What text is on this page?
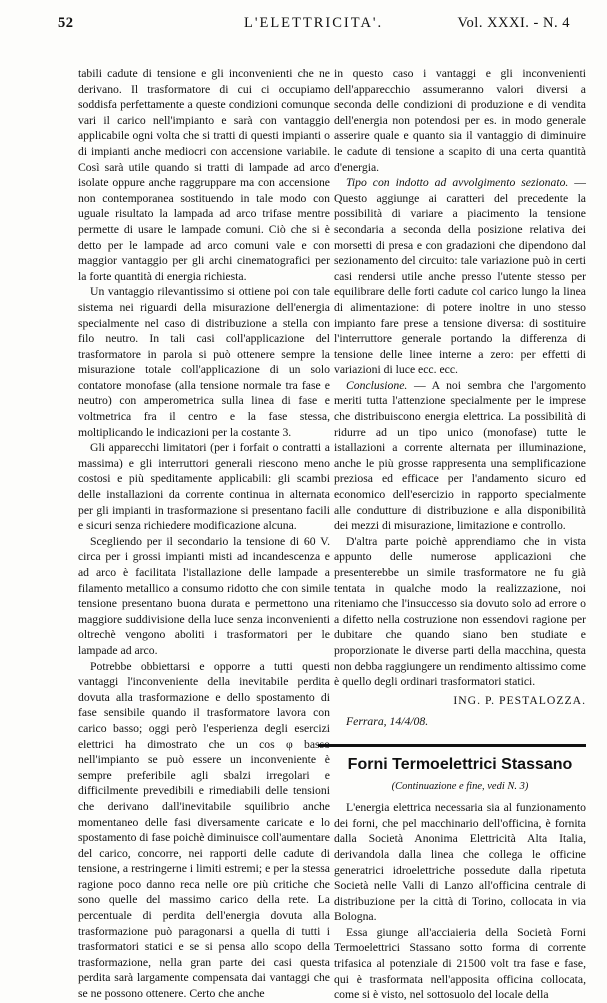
52	L'ELETTRICITA'.	Vol. XXXI. - N. 4

tabili cadute di tensione e gli inconvenienti che ne derivano. Il trasformatore di cui ci occupiamo soddisfa perfettamente a queste condizioni comunque vari il carico nell'impianto e sarà con vantaggio applicabile ogni volta che si tratti di questi impianti o di impianti anche mediocri con accensione variabile. Così sarà utile quando si tratti di lampade ad arco isolate oppure anche raggruppare ma con accensione non contemporanea sostituendo in tale modo con uguale risultato la lampada ad arco trifase mentre permette di usare le lampade comuni. Ciò che si è detto per le lampade ad arco comuni vale e con maggior vantaggio per gli archi cinematografici per la forte quantità di energia richiesta.

Un vantaggio rilevantissimo si ottiene poi con tale sistema nei riguardi della misurazione dell'energia specialmente nel caso di distribuzione a stella con filo neutro. In tali casi coll'applicazione del trasformatore in parola si può ottenere sempre la misurazione totale coll'applicazione di un solo contatore monofase (alla tensione normale tra fase e neutro) con amperometrica sulla linea di fase e voltmetrica fra il centro e la fase stessa, moltiplicando le indicazioni per la costante 3.

Gli apparecchi limitatori (per i forfait o contratti a massima) e gli interruttori generali riescono meno costosi e più speditamente applicabili: gli scambi delle installazioni da corrente continua in alternata per gli impianti in trasformazione si presentano facili e sicuri senza richiedere modificazione alcuna.

Scegliendo per il secondario la tensione di 60 V. circa per i grossi impianti misti ad incandescenza e ad arco è facilitata l'istallazione delle lampade a filamento metallico a consumo ridotto che con simile tensione presentano buona durata e permettono una maggiore suddivisione della luce senza inconvenienti oltrechè vengono aboliti i trasformatori per le lampade ad arco.

Potrebbe obbiettarsi e opporre a tutti questi vantaggi l'inconveniente della inevitabile perdita dovuta alla trasformazione e dello spostamento di fase sensibile quando il trasformatore lavora con carico basso; oggi però l'esperienza degli esercizi elettrici ha dimostrato che un cos φ basso nell'impianto se può essere un inconveniente è sempre preferibile agli sbalzi irregolari e difficilmente prevedibili e rimediabili delle tensioni che derivano dall'inevitabile squilibrio anche momentaneo delle fasi diversamente caricate e lo spostamento di fase poichè diminuisce coll'aumentare del carico, concorre, nei rapporti delle cadute di tensione, a restringerne i limiti estremi; e per la stessa ragione poco danno reca nelle ore più critiche che sono quelle del massimo carico della rete. La percentuale di perdita dell'energia dovuta alla trasformazione può paragonarsi a quella di tutti i trasformatori statici e se si pensa allo scopo della trasformazione, nella gran parte dei casi questa perdita sarà largamente compensata dai vantaggi che se ne possono ottenere. Certo che anche

in questo caso i vantaggi e gli inconvenienti dell'apparecchio assumeranno valori diversi a seconda delle condizioni di produzione e di vendita dell'energia non potendosi per es. in modo generale asserire quale e quanto sia il vantaggio di diminuire le cadute di tensione a scapito di una certa quantità d'energia.

Tipo con indotto ad avvolgimento sezionato. — Questo aggiunge ai caratteri del precedente la possibilità di variare a piacimento la tensione secondaria a seconda della posizione relativa dei morsetti di presa e con gradazioni che dipendono dal sezionamento del circuito: tale variazione può in certi casi rendersi utile anche presso l'utente stesso per equilibrare delle forti cadute col carico lungo la linea di alimentazione: di potere inoltre in uno stesso impianto fare prese a tensione diversa: di sostituire l'interruttore generale portando la differenza di tensione delle linee interne a zero: per effetti di variazioni di luce ecc. ecc.

Conclusione. — A noi sembra che l'argomento meriti tutta l'attenzione specialmente per le imprese che distribuiscono energia elettrica. La possibilità di ridurre ad un tipo unico (monofase) tutte le istallazioni a corrente alternata per illuminazione, anche le più grosse rappresenta una semplificazione preziosa ed efficace per l'andamento sicuro ed economico dell'esercizio in rapporto specialmente alle condutture di distribuzione e alla disponibilità dei mezzi di misurazione, limitazione e controllo.

D'altra parte poichè apprendiamo che in vista appunto delle numerose applicazioni che presenterebbe un simile trasformatore ne fu già tentata in qualche modo la realizzazione, noi riteniamo che l'insuccesso sia dovuto solo ad errore o a difetto nella costruzione non essendovi ragione per dubitare che quando siano ben studiate e proporzionate le diverse parti della macchina, questa non debba raggiungere un rendimento altissimo come è quello degli ordinari trasformatori statici.

ING. P. PESTALOZZA.
Ferrara, 14/4/08.
Forni Termoelettrici Stassano
(Continuazione e fine, vedi N. 3)

L'energia elettrica necessaria sia al funzionamento dei forni, che pel macchinario dell'officina, è fornita dalla Società Anonima Elettricità Alta Italia, derivandola dalla linea che collega le officine generatrici idroelettriche possedute dalla ripetuta Società nelle Valli di Lanzo all'officina centrale di distribuzione per la città di Torino, collocata in via Bologna.

Essa giunge all'acciaieria della Società Forni Termoelettrici Stassano sotto forma di corrente trifasica al potenziale di 21500 volt tra fase e fase, qui è trasformata nell'apposita officina collocata, come si è visto, nel sottosuolo del locale della
